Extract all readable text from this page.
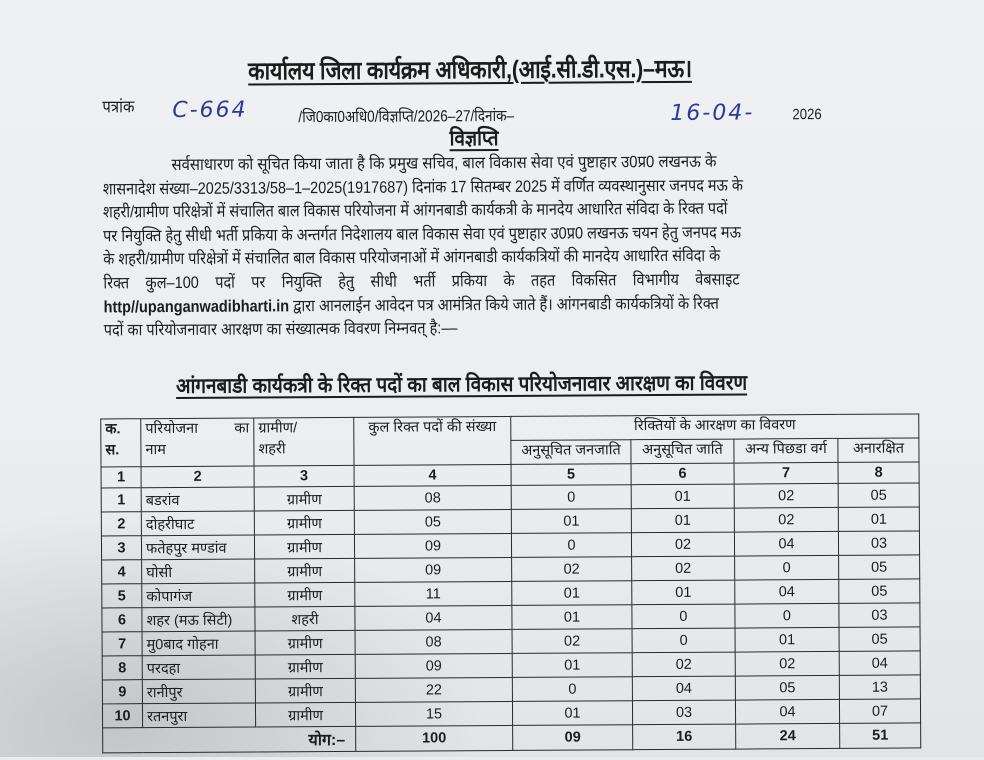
कार्यालय जिला कार्यक्रम अधिकारी,(आई.सी.डी.एस.)–मऊ।
पत्रांक C-664	/जि0का0अधि0/विज्ञप्ति/2026–27/दिनांक–	16-04-	2026
विज्ञप्ति
सर्वसाधारण को सूचित किया जाता है कि प्रमुख सचिव, बाल विकास सेवा एवं पुष्टाहार उ0प्र0 लखनऊ के
शासनादेश संख्या–2025/3313/58–1–2025(1917687) दिनांक 17 सितम्बर 2025 में वर्णित व्यवस्थानुसार जनपद मऊ के
शहरी/ग्रामीण परिक्षेत्रों में संचालित बाल विकास परियोजना में आंगनबाडी कार्यकत्री के मानदेय आधारित संविदा के रिक्त पदों
पर नियुक्ति हेतु सीधी भर्ती प्रकिया के अन्तर्गत निदेशालय बाल विकास सेवा एवं पुष्टाहार उ0प्र0 लखनऊ चयन हेतु जनपद मऊ
के शहरी/ग्रामीण परिक्षेत्रों में संचालित बाल विकास परियोजनाओं में आंगनबाडी कार्यकत्रियों की मानदेय आधारित संविदा के
रिक्त कुल–100 पदों पर नियुक्ति हेतु सीधी भर्ती प्रकिया के तहत विकसित विभागीय वेबसाइट
http//upanganwadibharti.in द्वारा आनलाईन आवेदन पत्र आमंत्रित किये जाते हैं। आंगनबाडी कार्यकत्रियों के रिक्त
पदों का परियोजनावार आरक्षण का संख्यात्मक विवरण निम्नवत् है:––
आंगनबाडी कार्यकत्री के रिक्त पदों का बाल विकास परियोजनावार आरक्षण का विवरण
क.
स.

परियोजना	का
नाम

ग्रामीण/
शहरी
	कुल रिक्त पदों की संख्या	रिक्तियों के आरक्षण का विवरण
				अनुसूचित जनजाति	अनुसूचित जाति	अन्य पिछडा वर्ग	अनारक्षित
1	2	3	4	5	6	7	8
1	बडरांव	ग्रामीण	08	0	01	02	05
2	दोहरीघाट	ग्रामीण	05	01	01	02	01
3	फतेहपुर मण्डांव	ग्रामीण	09	0	02	04	03
4	घोसी	ग्रामीण	09	02	02	0	05
5	कोपागंज	ग्रामीण	11	01	01	04	05
6	शहर (मऊ सिटी)	शहरी	04	01	0	0	03
7	मु0बाद गोहना	ग्रामीण	08	02	0	01	05
8	परदहा	ग्रामीण	09	01	02	02	04
9	रानीपुर	ग्रामीण	22	0	04	05	13
10	रतनपुरा	ग्रामीण	15	01	03	04	07
योग:–			100	09	16	24	51
